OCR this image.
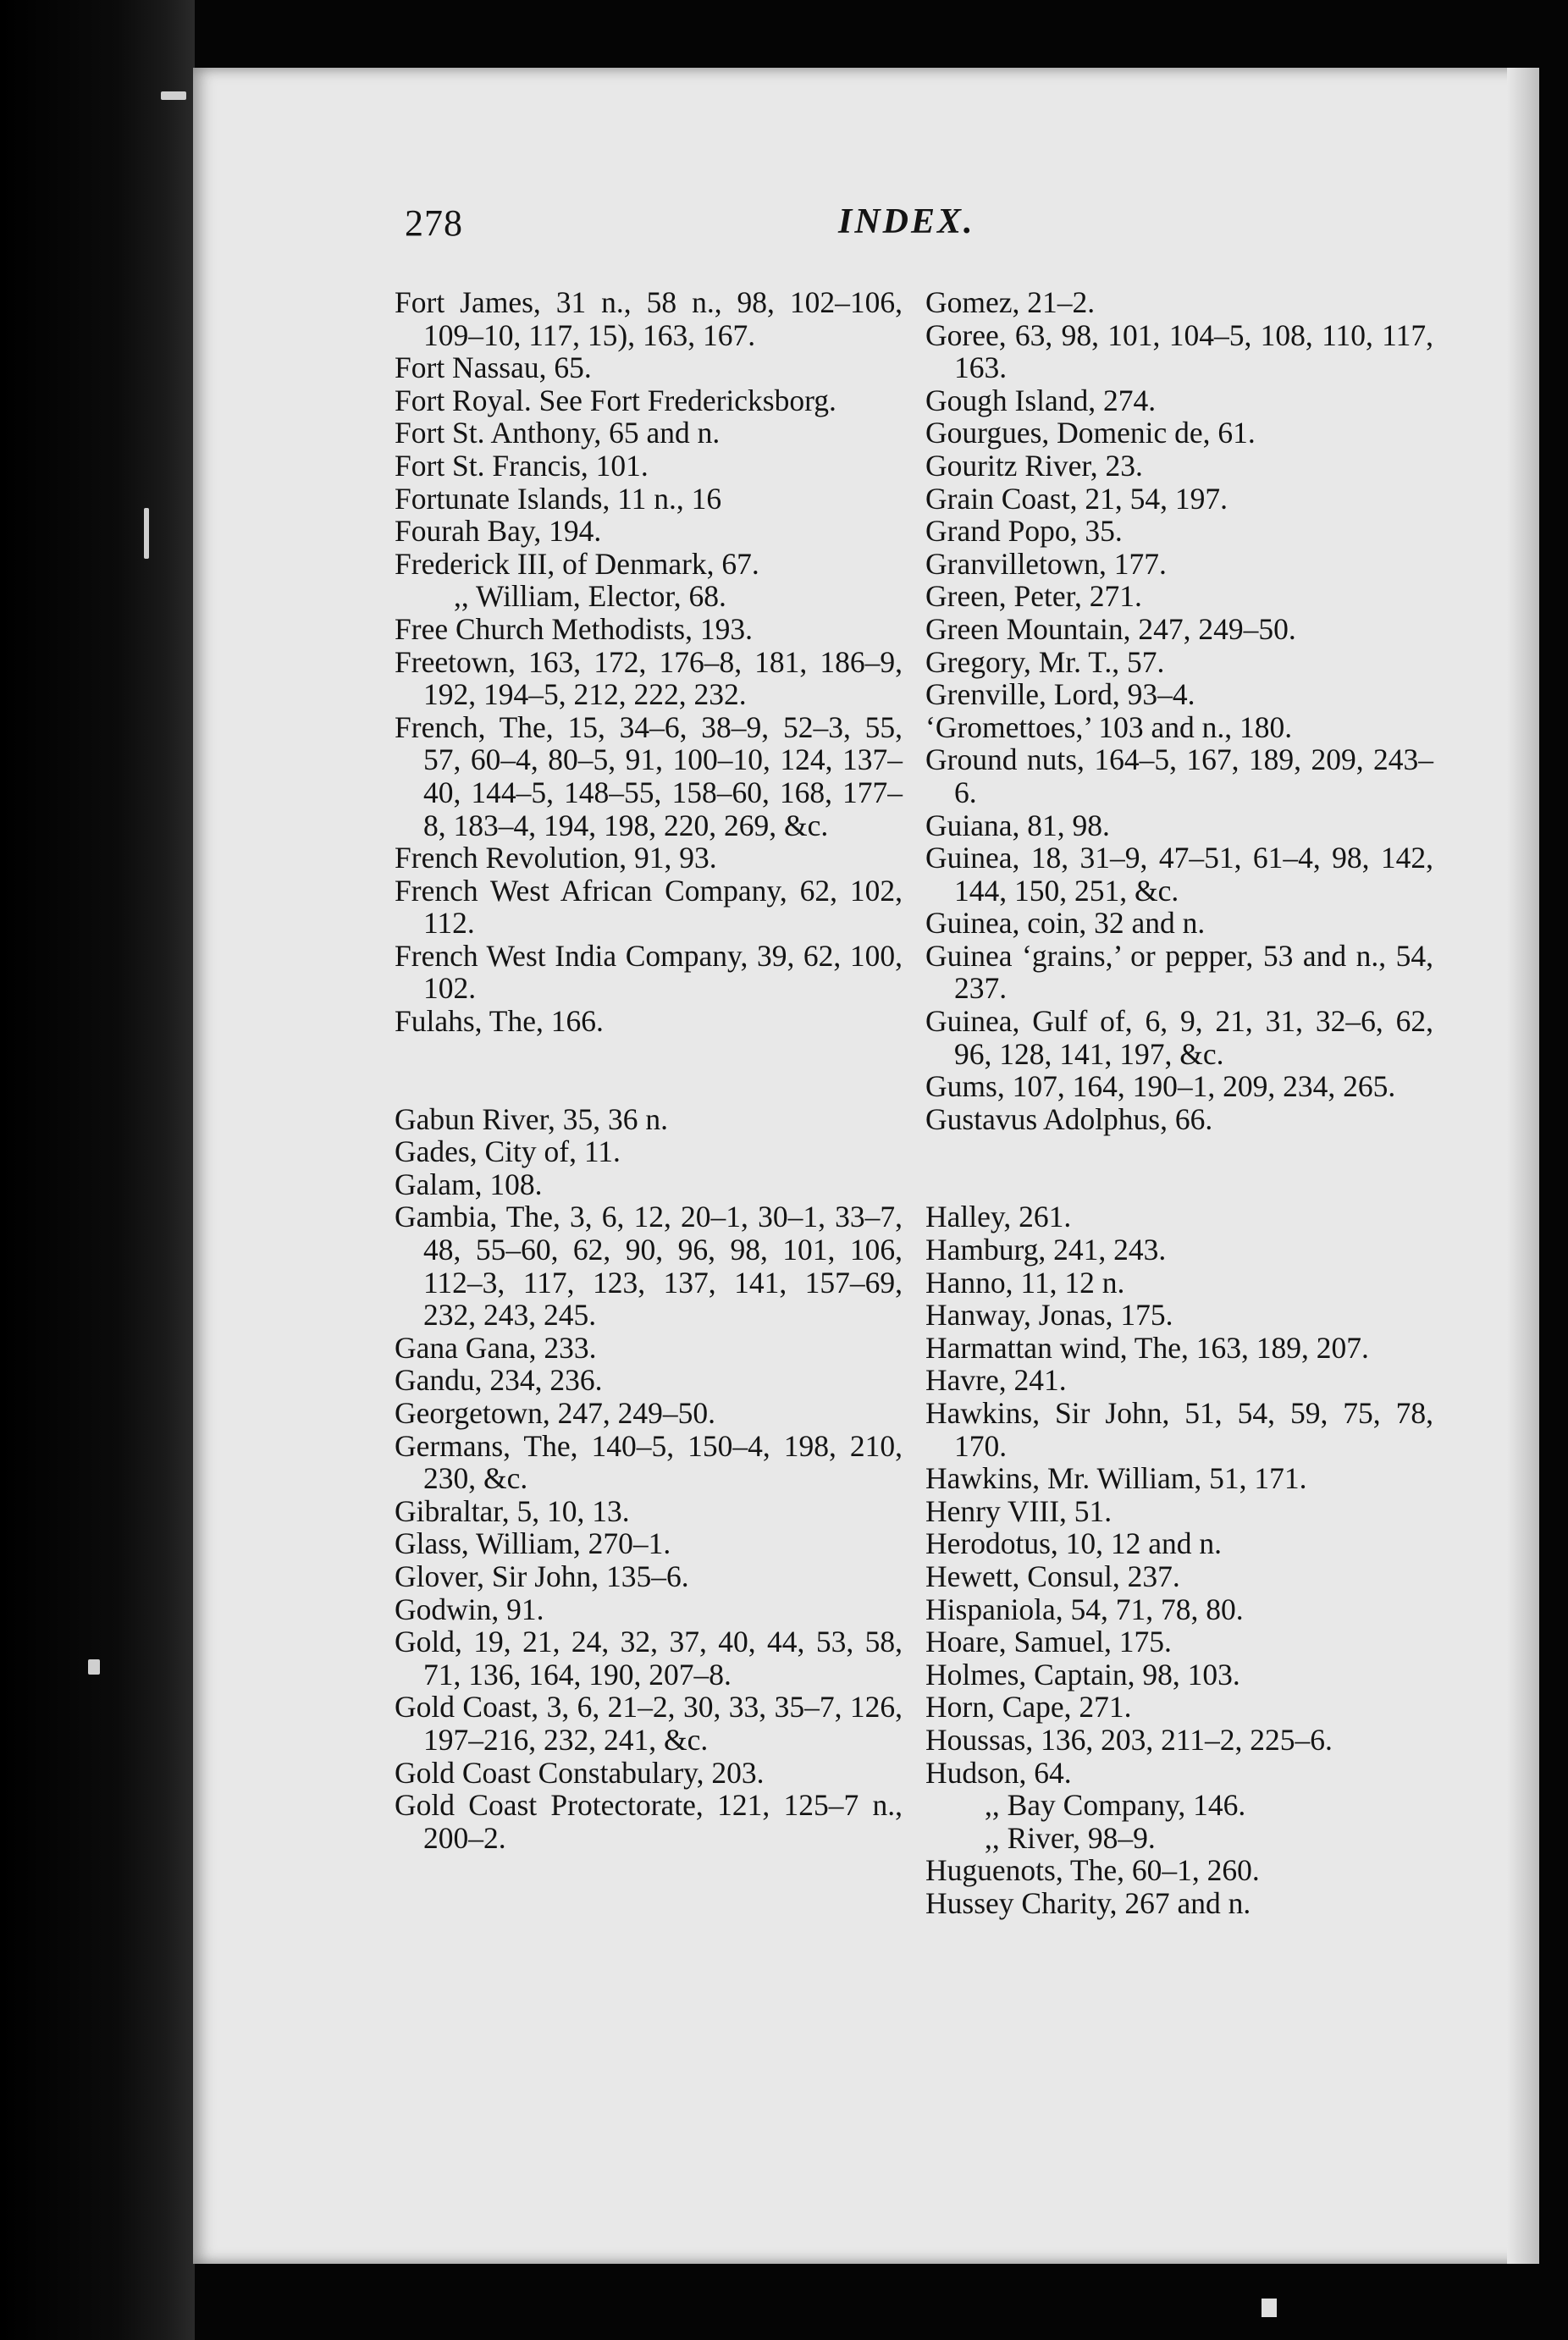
278	INDEX.
Fort James, 31 n., 58 n., 98, 102–106, 109–10, 117, 15), 163, 167.
Fort Nassau, 65.
Fort Royal. See Fort Fredericksborg.
Fort St. Anthony, 65 and n.
Fort St. Francis, 101.
Fortunate Islands, 11 n., 16
Fourah Bay, 194.
Frederick III, of Denmark, 67.
,, William, Elector, 68.
Free Church Methodists, 193.
Freetown, 163, 172, 176–8, 181, 186–9, 192, 194–5, 212, 222, 232.
French, The, 15, 34–6, 38–9, 52–3, 55, 57, 60–4, 80–5, 91, 100–10, 124, 137–40, 144–5, 148–55, 158–60, 168, 177–8, 183–4, 194, 198, 220, 269, &c.
French Revolution, 91, 93.
French West African Company, 62, 102, 112.
French West India Company, 39, 62, 100, 102.
Fulahs, The, 166.
Gabun River, 35, 36 n.
Gades, City of, 11.
Galam, 108.
Gambia, The, 3, 6, 12, 20–1, 30–1, 33–7, 48, 55–60, 62, 90, 96, 98, 101, 106, 112–3, 117, 123, 137, 141, 157–69, 232, 243, 245.
Gana Gana, 233.
Gandu, 234, 236.
Georgetown, 247, 249–50.
Germans, The, 140–5, 150–4, 198, 210, 230, &c.
Gibraltar, 5, 10, 13.
Glass, William, 270–1.
Glover, Sir John, 135–6.
Godwin, 91.
Gold, 19, 21, 24, 32, 37, 40, 44, 53, 58, 71, 136, 164, 190, 207–8.
Gold Coast, 3, 6, 21–2, 30, 33, 35–7, 126, 197–216, 232, 241, &c.
Gold Coast Constabulary, 203.
Gold Coast Protectorate, 121, 125–7 n., 200–2.
Gomez, 21–2.
Goree, 63, 98, 101, 104–5, 108, 110, 117, 163.
Gough Island, 274.
Gourgues, Domenic de, 61.
Gouritz River, 23.
Grain Coast, 21, 54, 197.
Grand Popo, 35.
Granvilletown, 177.
Green, Peter, 271.
Green Mountain, 247, 249–50.
Gregory, Mr. T., 57.
Grenville, Lord, 93–4.
‘Gromettoes,’ 103 and n., 180.
Ground nuts, 164–5, 167, 189, 209, 243–6.
Guiana, 81, 98.
Guinea, 18, 31–9, 47–51, 61–4, 98, 142, 144, 150, 251, &c.
Guinea, coin, 32 and n.
Guinea ‘grains,’ or pepper, 53 and n., 54, 237.
Guinea, Gulf of, 6, 9, 21, 31, 32–6, 62, 96, 128, 141, 197, &c.
Gums, 107, 164, 190–1, 209, 234, 265.
Gustavus Adolphus, 66.
Halley, 261.
Hamburg, 241, 243.
Hanno, 11, 12 n.
Hanway, Jonas, 175.
Harmattan wind, The, 163, 189, 207.
Havre, 241.
Hawkins, Sir John, 51, 54, 59, 75, 78, 170.
Hawkins, Mr. William, 51, 171.
Henry VIII, 51.
Herodotus, 10, 12 and n.
Hewett, Consul, 237.
Hispaniola, 54, 71, 78, 80.
Hoare, Samuel, 175.
Holmes, Captain, 98, 103.
Horn, Cape, 271.
Houssas, 136, 203, 211–2, 225–6.
Hudson, 64.
,, Bay Company, 146.
,, River, 98–9.
Huguenots, The, 60–1, 260.
Hussey Charity, 267 and n.
